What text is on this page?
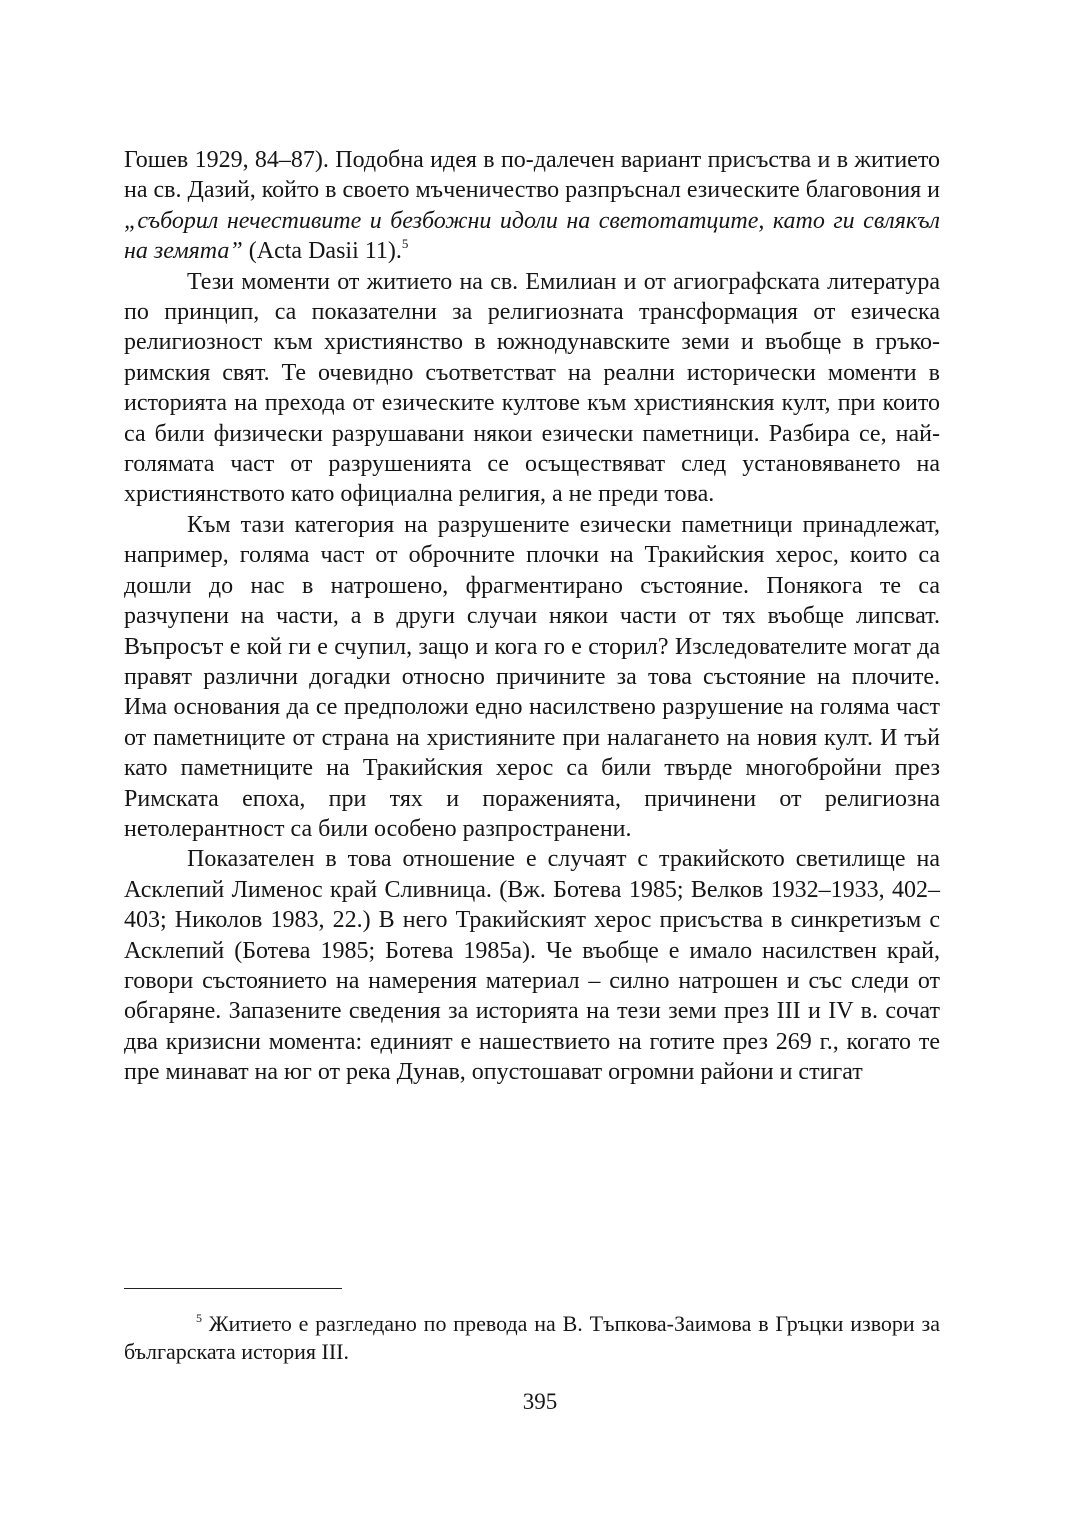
Гошев 1929, 84–87). Подобна идея в по-далечен вариант присъства и в житието на св. Дазий, който в своето мъченичество разпръснал езическите благовония и „съборил нечестивите и безбожни идоли на светотатците, като ги свлякъл на земята” (Acta Dasii 11).$^5$

Тези моменти от житието на св. Емилиан и от агиографската литература по принцип, са показателни за религиозната трансформация от езическа религиозност към християнство в южнодунавските земи и въобще в гръко-римския свят. Те очевидно съответстват на реални исторически моменти в историята на прехода от езическите култове към християнския култ, при които са били физически разрушавани някои езически паметници. Разбира се, най-голямата част от разрушенията се осъществяват след установяването на християнството като официална религия, а не преди това.

Към тази категория на разрушените езически паметници принадлежат, например, голяма част от оброчните плочки на Тракийския херос, които са дошли до нас в натрошено, фрагментирано състояние. Понякога те са разчупени на части, а в други случаи някои части от тях въобще липсват. Въпросът е кой ги е счупил, защо и кога го е сторил? Изследователите могат да правят различни догадки относно причините за това състояние на плочите. Има основания да се предположи едно насилствено разрушение на голяма част от паметниците от страна на християните при налагането на новия култ. И тъй като паметниците на Тракийския херос са били твърде многобройни през Римската епоха, при тях и пораженията, причинени от религиозна нетолерантност са били особено разпространени.

Показателен в това отношение е случаят с тракийското светилище на Асклепий Лименос край Сливница. (Вж. Ботева 1985; Велков 1932–1933, 402–403; Николов 1983, 22.) В него Тракийският херос присъства в синкретизъм с Асклепий (Ботева 1985; Ботева 1985а). Че въобще е имало насилствен край, говори състоянието на намерения материал – силно натрошен и със следи от обгаряне. Запазените сведения за историята на тези земи през III и IV в. сочат два кризисни момента: единият е нашествието на готите през 269 г., когато те пре минават на юг от река Дунав, опустошават огромни райони и стигат

$^5$ Житието е разгледано по превода на В. Тъпкова-Заимова в Гръцки извори за българската история III.
395
